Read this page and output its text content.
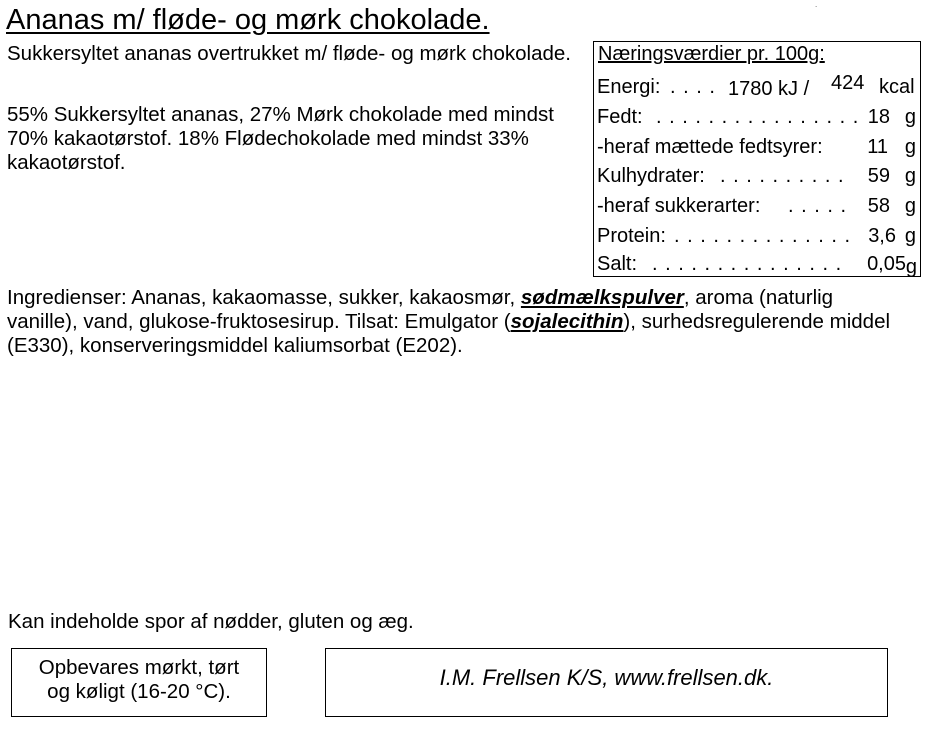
Ananas m/ fløde- og mørk chokolade.
Sukkersyltet ananas overtrukket m/ fløde- og mørk chokolade.
55% Sukkersyltet ananas, 27% Mørk chokolade med mindst 70% kakaotørstof. 18% Flødechokolade med mindst 33% kakaotørstof.
Næringsværdier pr. 100g:
Energi: . . . . 1780 kJ / 424 kcal
Fedt: . . . . . . . . . . . . . . . . 18 g
-heraf mættede fedtsyrer: 11 g
Kulhydrater: . . . . . . . . . . 59 g
-heraf sukkerarter: . . . . . 58 g
Protein: . . . . . . . . . . . . . . 3,6 g
Salt: . . . . . . . . . . . . . . . 0,05 g
Ingredienser: Ananas, kakaomasse, sukker, kakaosmør, sødmælkspulver, aroma (naturlig vanille), vand, glukose-fruktosesirup. Tilsat: Emulgator (sojalecithin), surhedsregulerende middel (E330), konserveringsmiddel kaliumsorbat (E202).
Kan indeholde spor af nødder, gluten og æg.
Opbevares mørkt, tørt
og køligt (16-20 °C).
I.M. Frellsen K/S, www.frellsen.dk.
.
